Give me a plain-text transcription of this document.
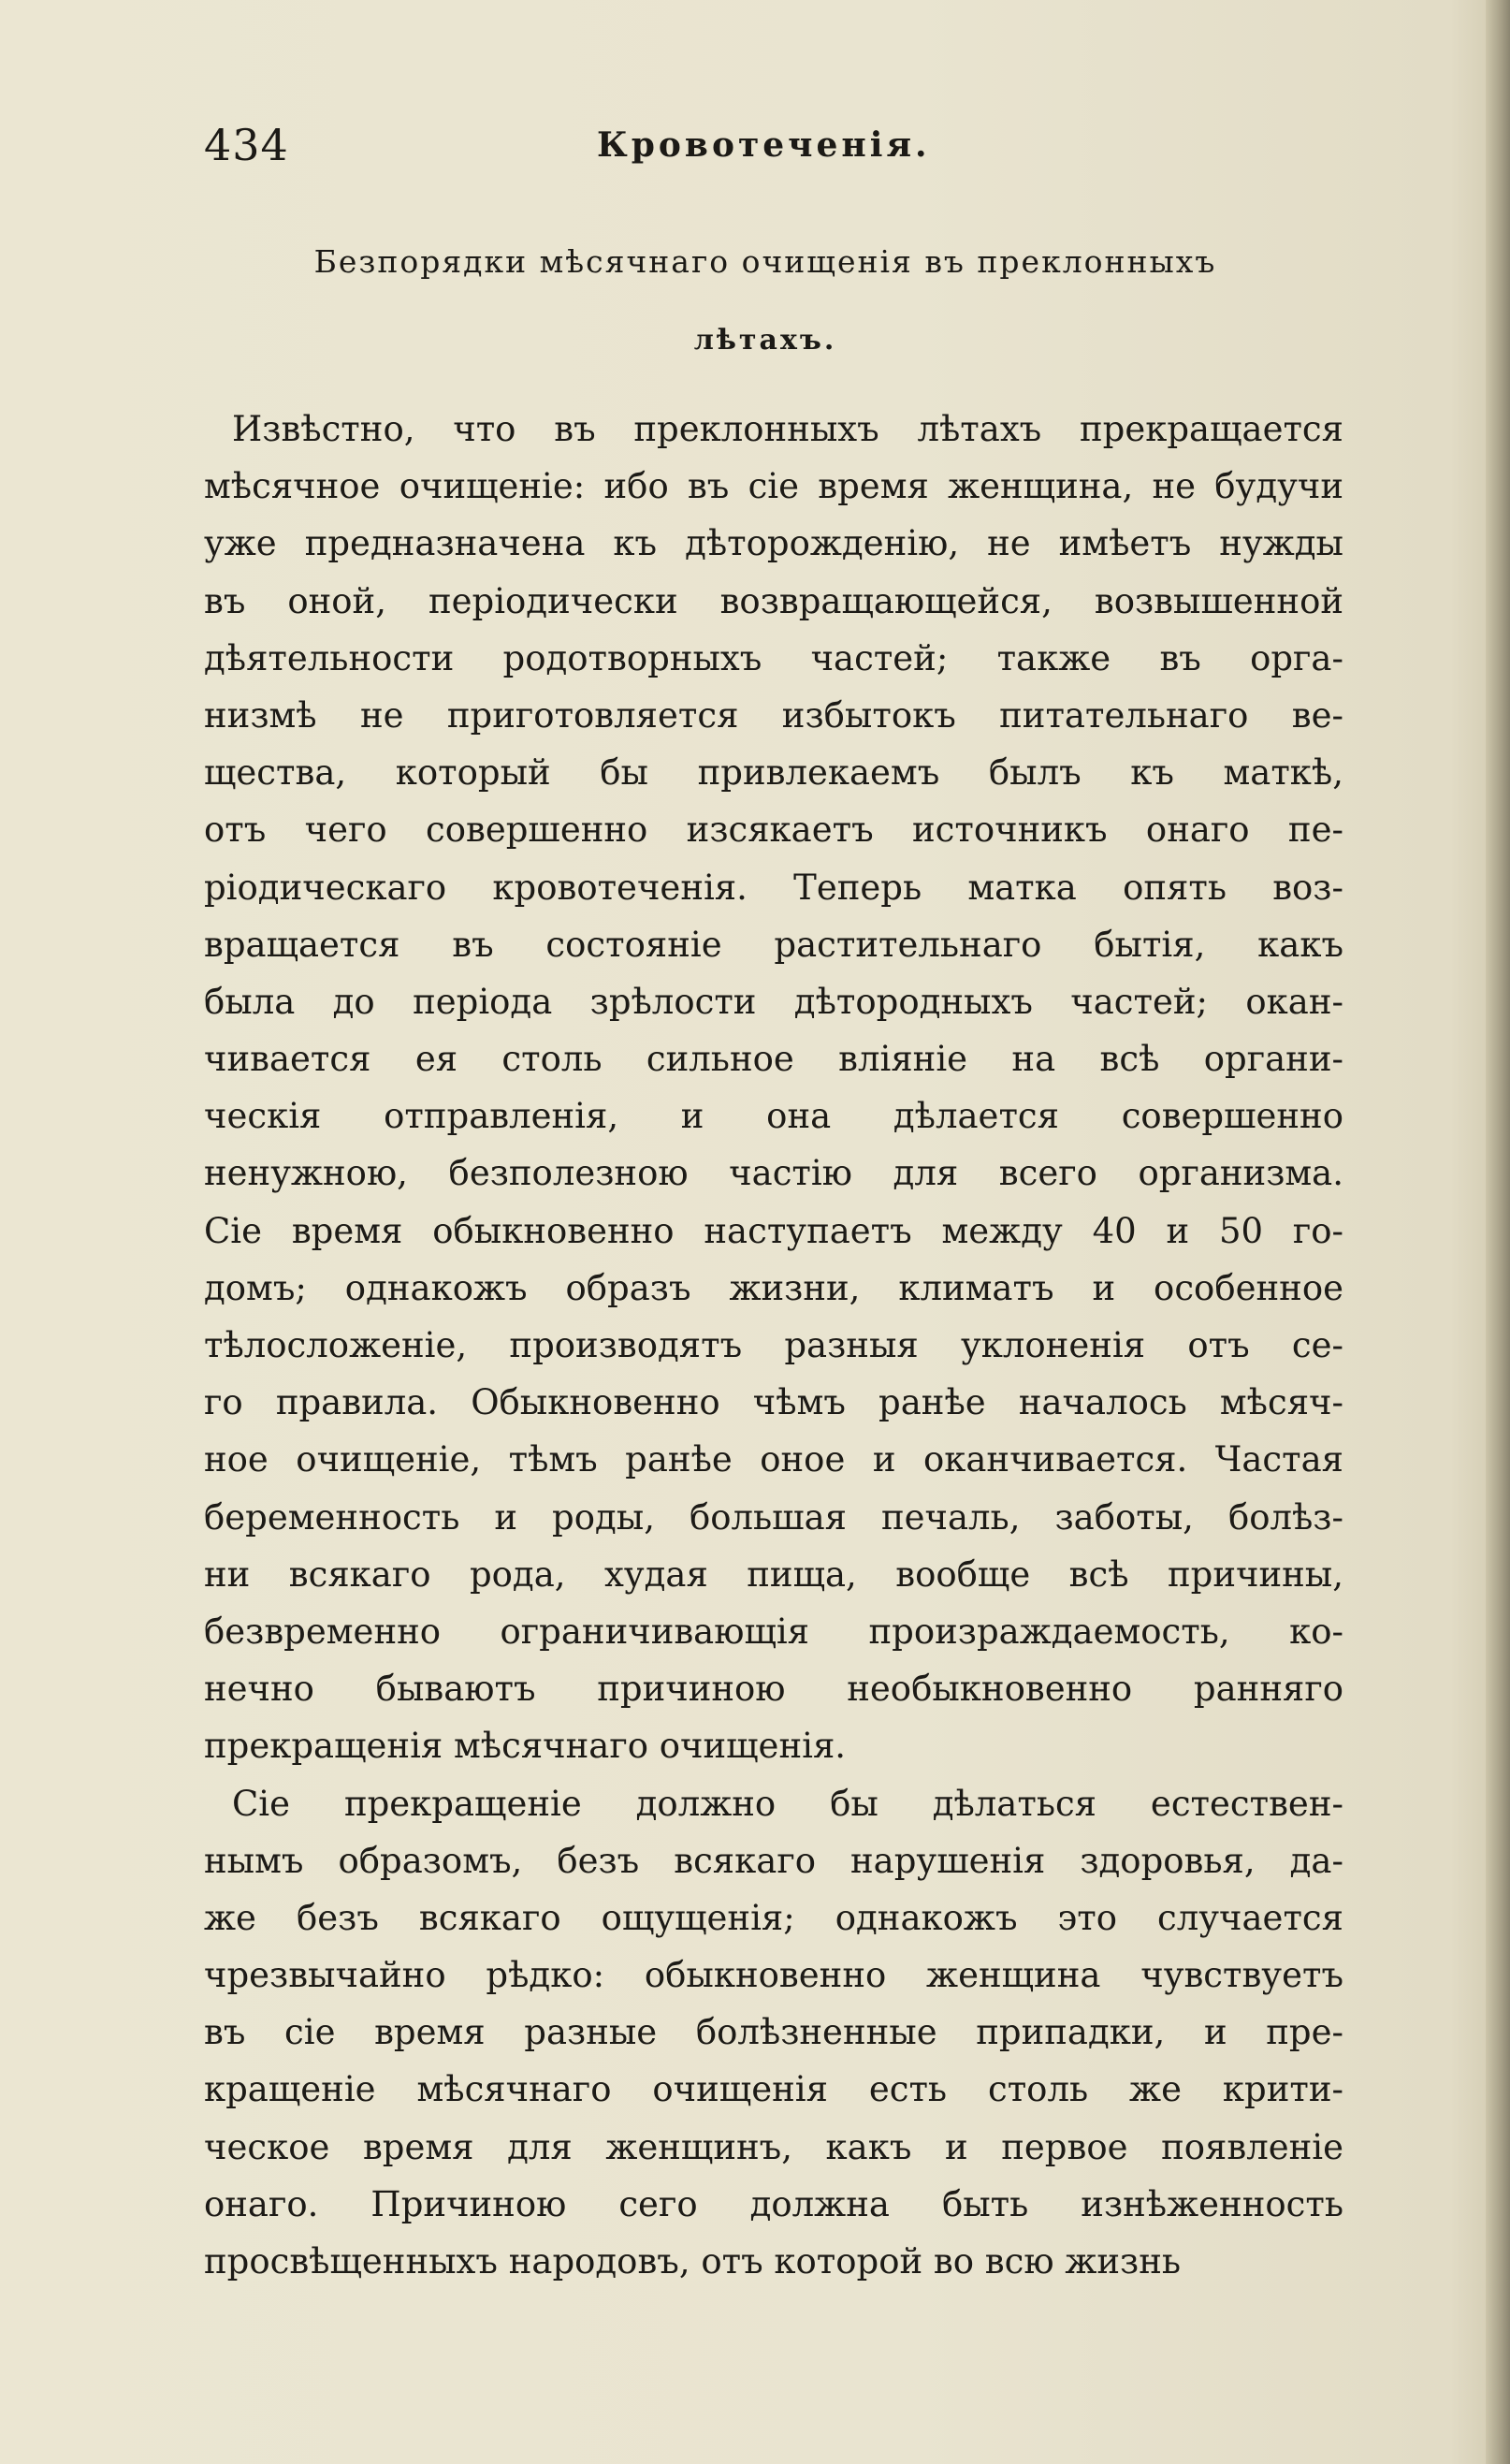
434	Кровотеченія.
Безпорядки мѣсячнаго очищенія въ преклонныхъ
лѣтахъ.
Извѣстно, что въ преклонныхъ лѣтахъ прекращается
мѣсячное очищеніе: ибо въ сіе время женщина, не будучи
уже предназначена къ дѣторожденію, не имѣетъ нужды
въ оной, періодически возвращающейся, возвышенной
дѣятельности родотворныхъ частей; также въ орга-
низмѣ не приготовляется избытокъ питательнаго ве-
щества, который бы привлекаемъ былъ къ маткѣ,
отъ чего совершенно изсякаетъ источникъ онаго пе-
ріодическаго кровотеченія. Теперь матка опять воз-
вращается въ состояніе растительнаго бытія, какъ
была до періода зрѣлости дѣтородныхъ частей; окан-
чивается ея столь сильное вліяніе на всѣ органи-
ческія отправленія, и она дѣлается совершенно
ненужною, безполезною частію для всего организма.
Сіе время обыкновенно наступаетъ между 40 и 50 го-
домъ; однакожъ образъ жизни, климатъ и особенное
тѣлосложеніе, производятъ разныя уклоненія отъ се-
го правила. Обыкновенно чѣмъ ранѣе началось мѣсяч-
ное очищеніе, тѣмъ ранѣе оное и оканчивается. Частая
беременность и роды, большая печаль, заботы, болѣз-
ни всякаго рода, худая пища, вообще всѣ причины,
безвременно ограничивающія произраждаемость, ко-
нечно бываютъ причиною необыкновенно ранняго
прекращенія мѣсячнаго очищенія.
Сіе прекращеніе должно бы дѣлаться естествен-
нымъ образомъ, безъ всякаго нарушенія здоровья, да-
же безъ всякаго ощущенія; однакожъ это случается
чрезвычайно рѣдко: обыкновенно женщина чувствуетъ
въ сіе время разные болѣзненные припадки, и пре-
кращеніе мѣсячнаго очищенія есть столь же крити-
ческое время для женщинъ, какъ и первое появленіе
онаго. Причиною сего должна быть изнѣженность
просвѣщенныхъ народовъ, отъ которой во всю жизнь
